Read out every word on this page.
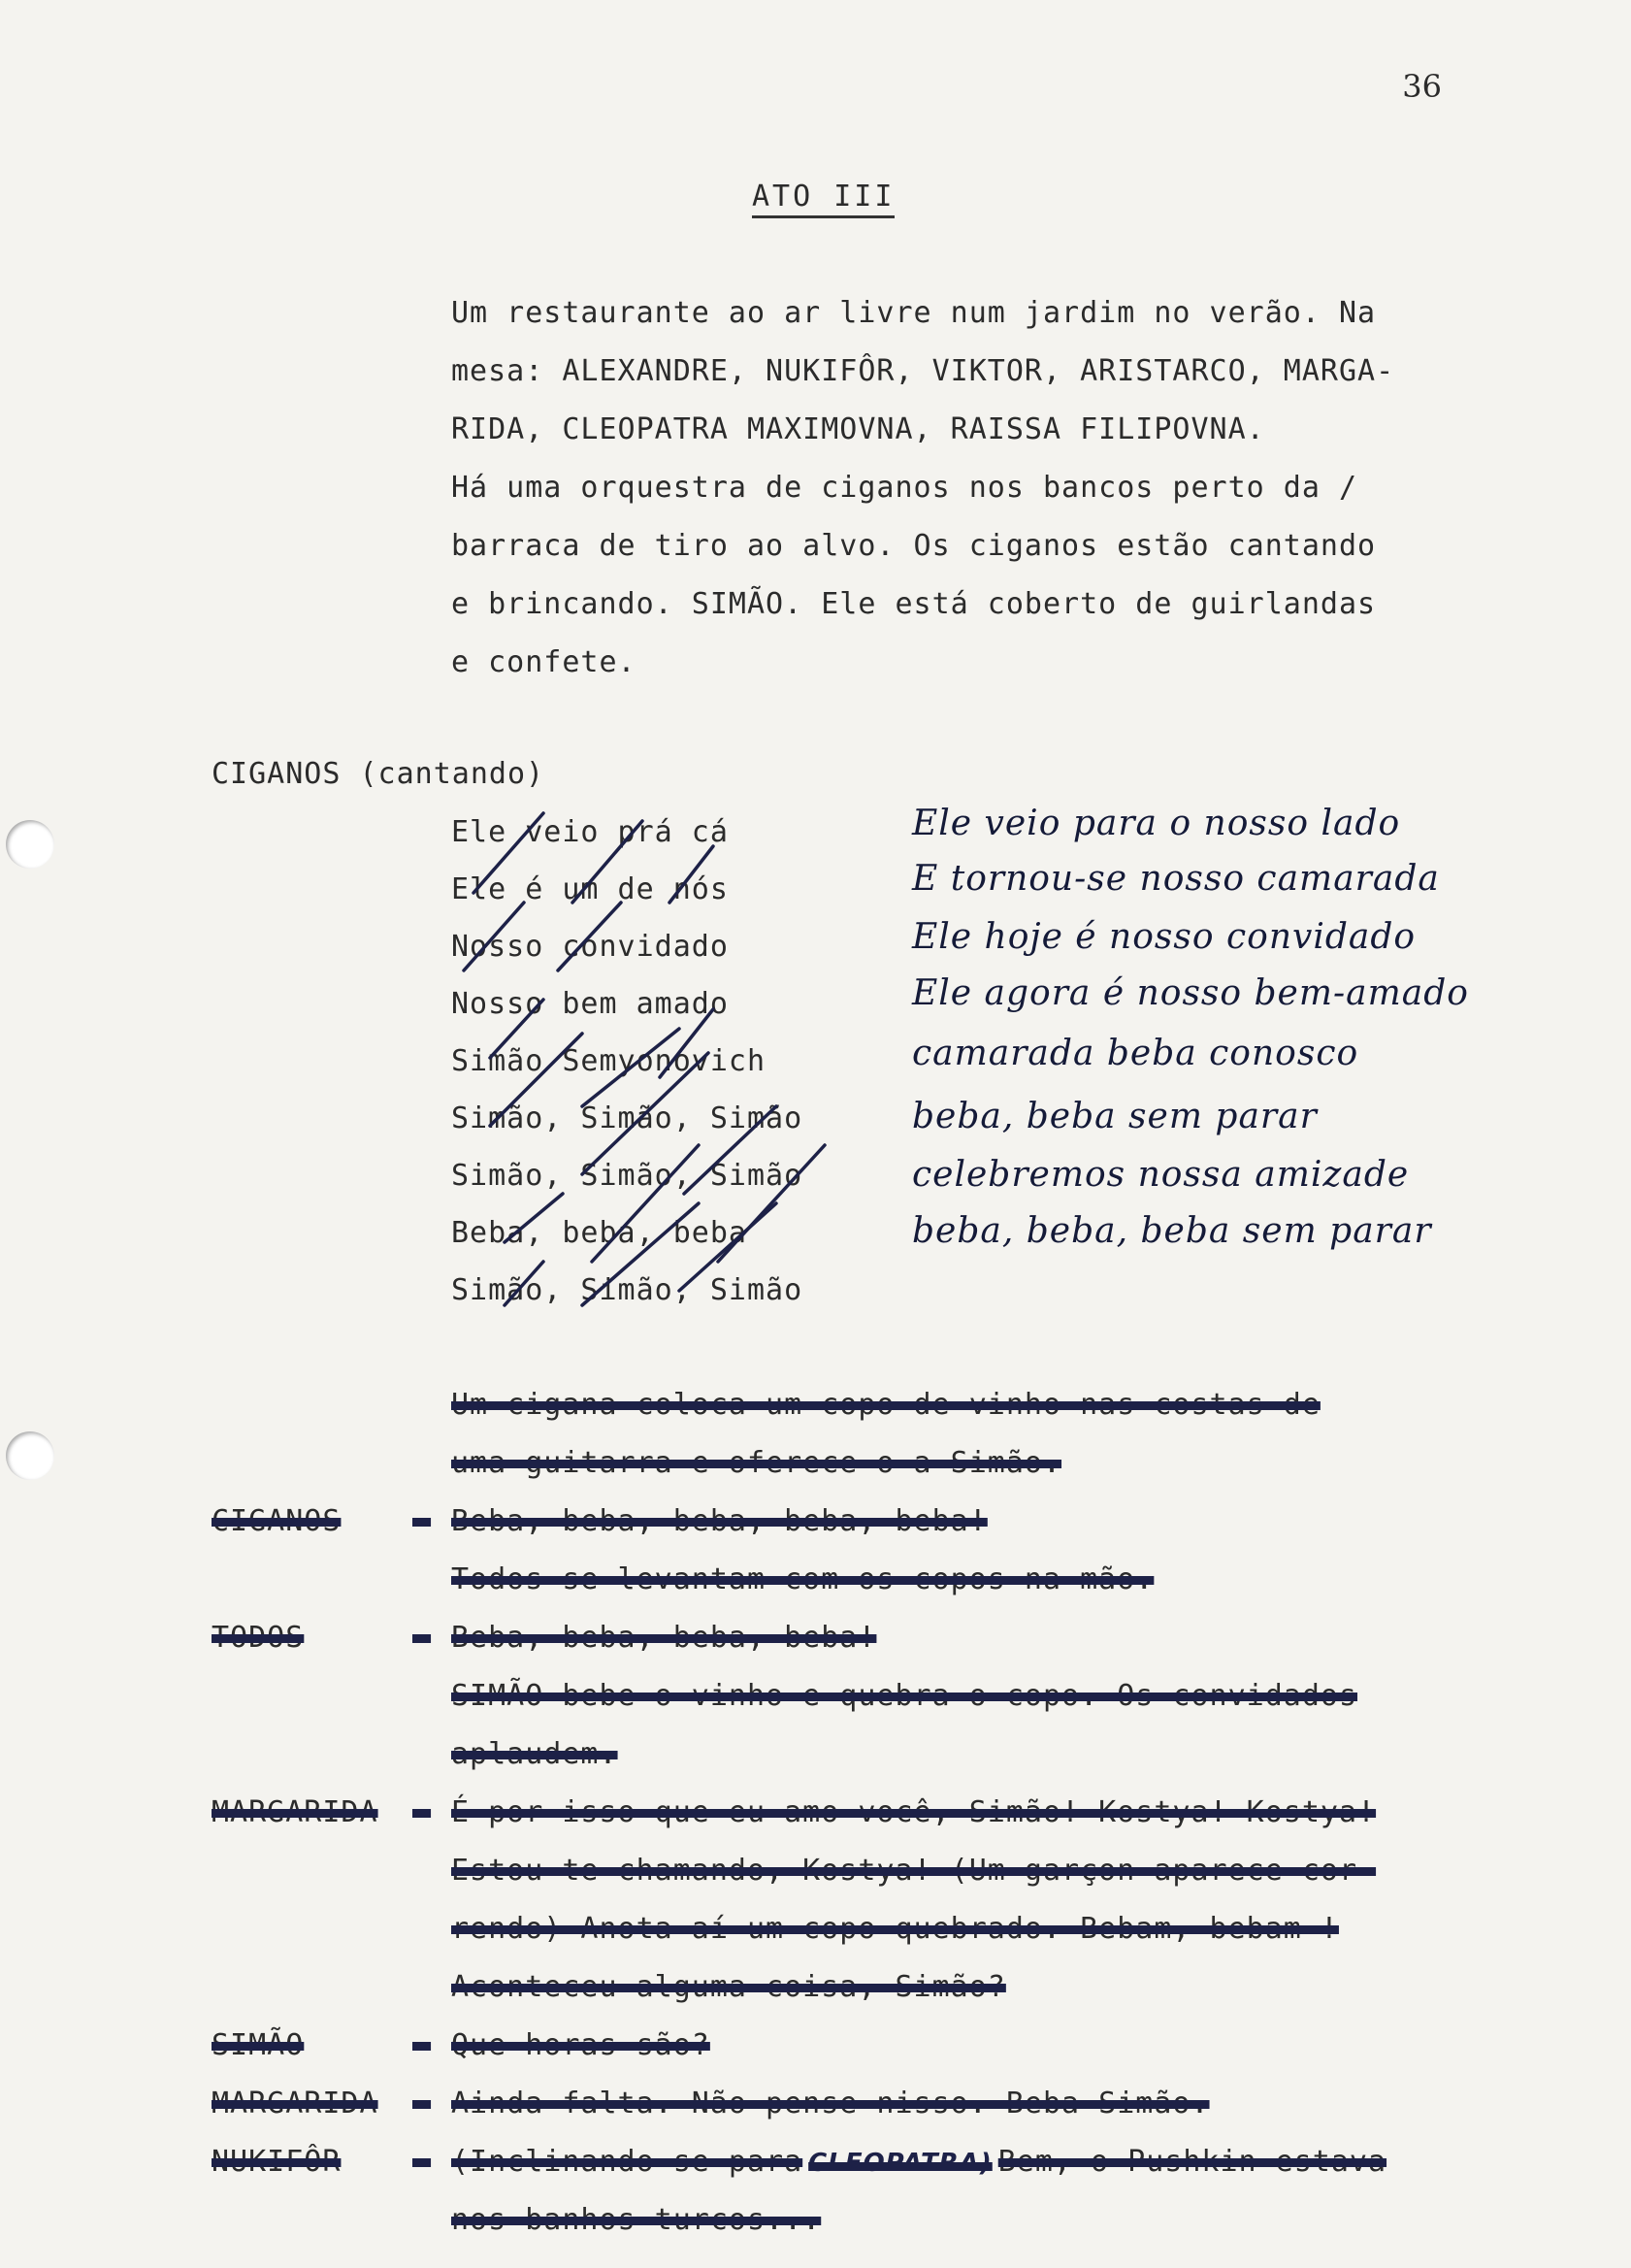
36
ATO III
Um restaurante ao ar livre num jardim no verão. Na
mesa: ALEXANDRE, NUKIFÔR, VIKTOR, ARISTARCO, MARGA-
RIDA, CLEOPATRA MAXIMOVNA, RAISSA FILIPOVNA.
Há uma orquestra de ciganos nos bancos perto da /
barraca de tiro ao alvo. Os ciganos estão cantando
e brincando. SIMÃO. Ele está coberto de guirlandas
e confete.
CIGANOS (cantando)
Ele veio prá cá
Ele é um de nós
Nosso convidado
Nosso bem amado
Simão Semyonovich
Simão, Simão, Simão
Simão, Simão, Simão
Beba, beba, beba
Simão, Simão, Simão
Ele veio para o nosso lado
E tornou-se nosso camarada
Ele hoje é nosso convidado
Ele agora é nosso bem-amado
camarada beba conosco
beba, beba sem parar
celebremos nossa amizade
beba, beba, beba sem parar
Um cigana coloca um copo de vinho nas costas de
uma guitarra e oferece-o a Simão.
CIGANOS – Beba, beba, beba, beba, beba!
Todos se levantam com os copos na mão.
TODOS	– Beba, beba, beba, beba!
SIMÃO bebe o vinho e quebra o copo. Os convidados
aplaudem.
MARGARIDA – É por isso que eu amo você, Simão! Kostya! Kostya!
Estou te chamando, Kostya! (Um garçon aparece cor-
rendo) Anota aí um copo quebrado. Bebam, bebam !
Aconteceu alguma coisa, Simão?
SIMÃO	– Que horas são?
MARGARIDA – Ainda falta. Não pense nisso. Beba Simão.
NUKIFÔR – (Inclinando-se para CLEOPATRA) Bem, o Pushkin estava
nos banhos turcos...
